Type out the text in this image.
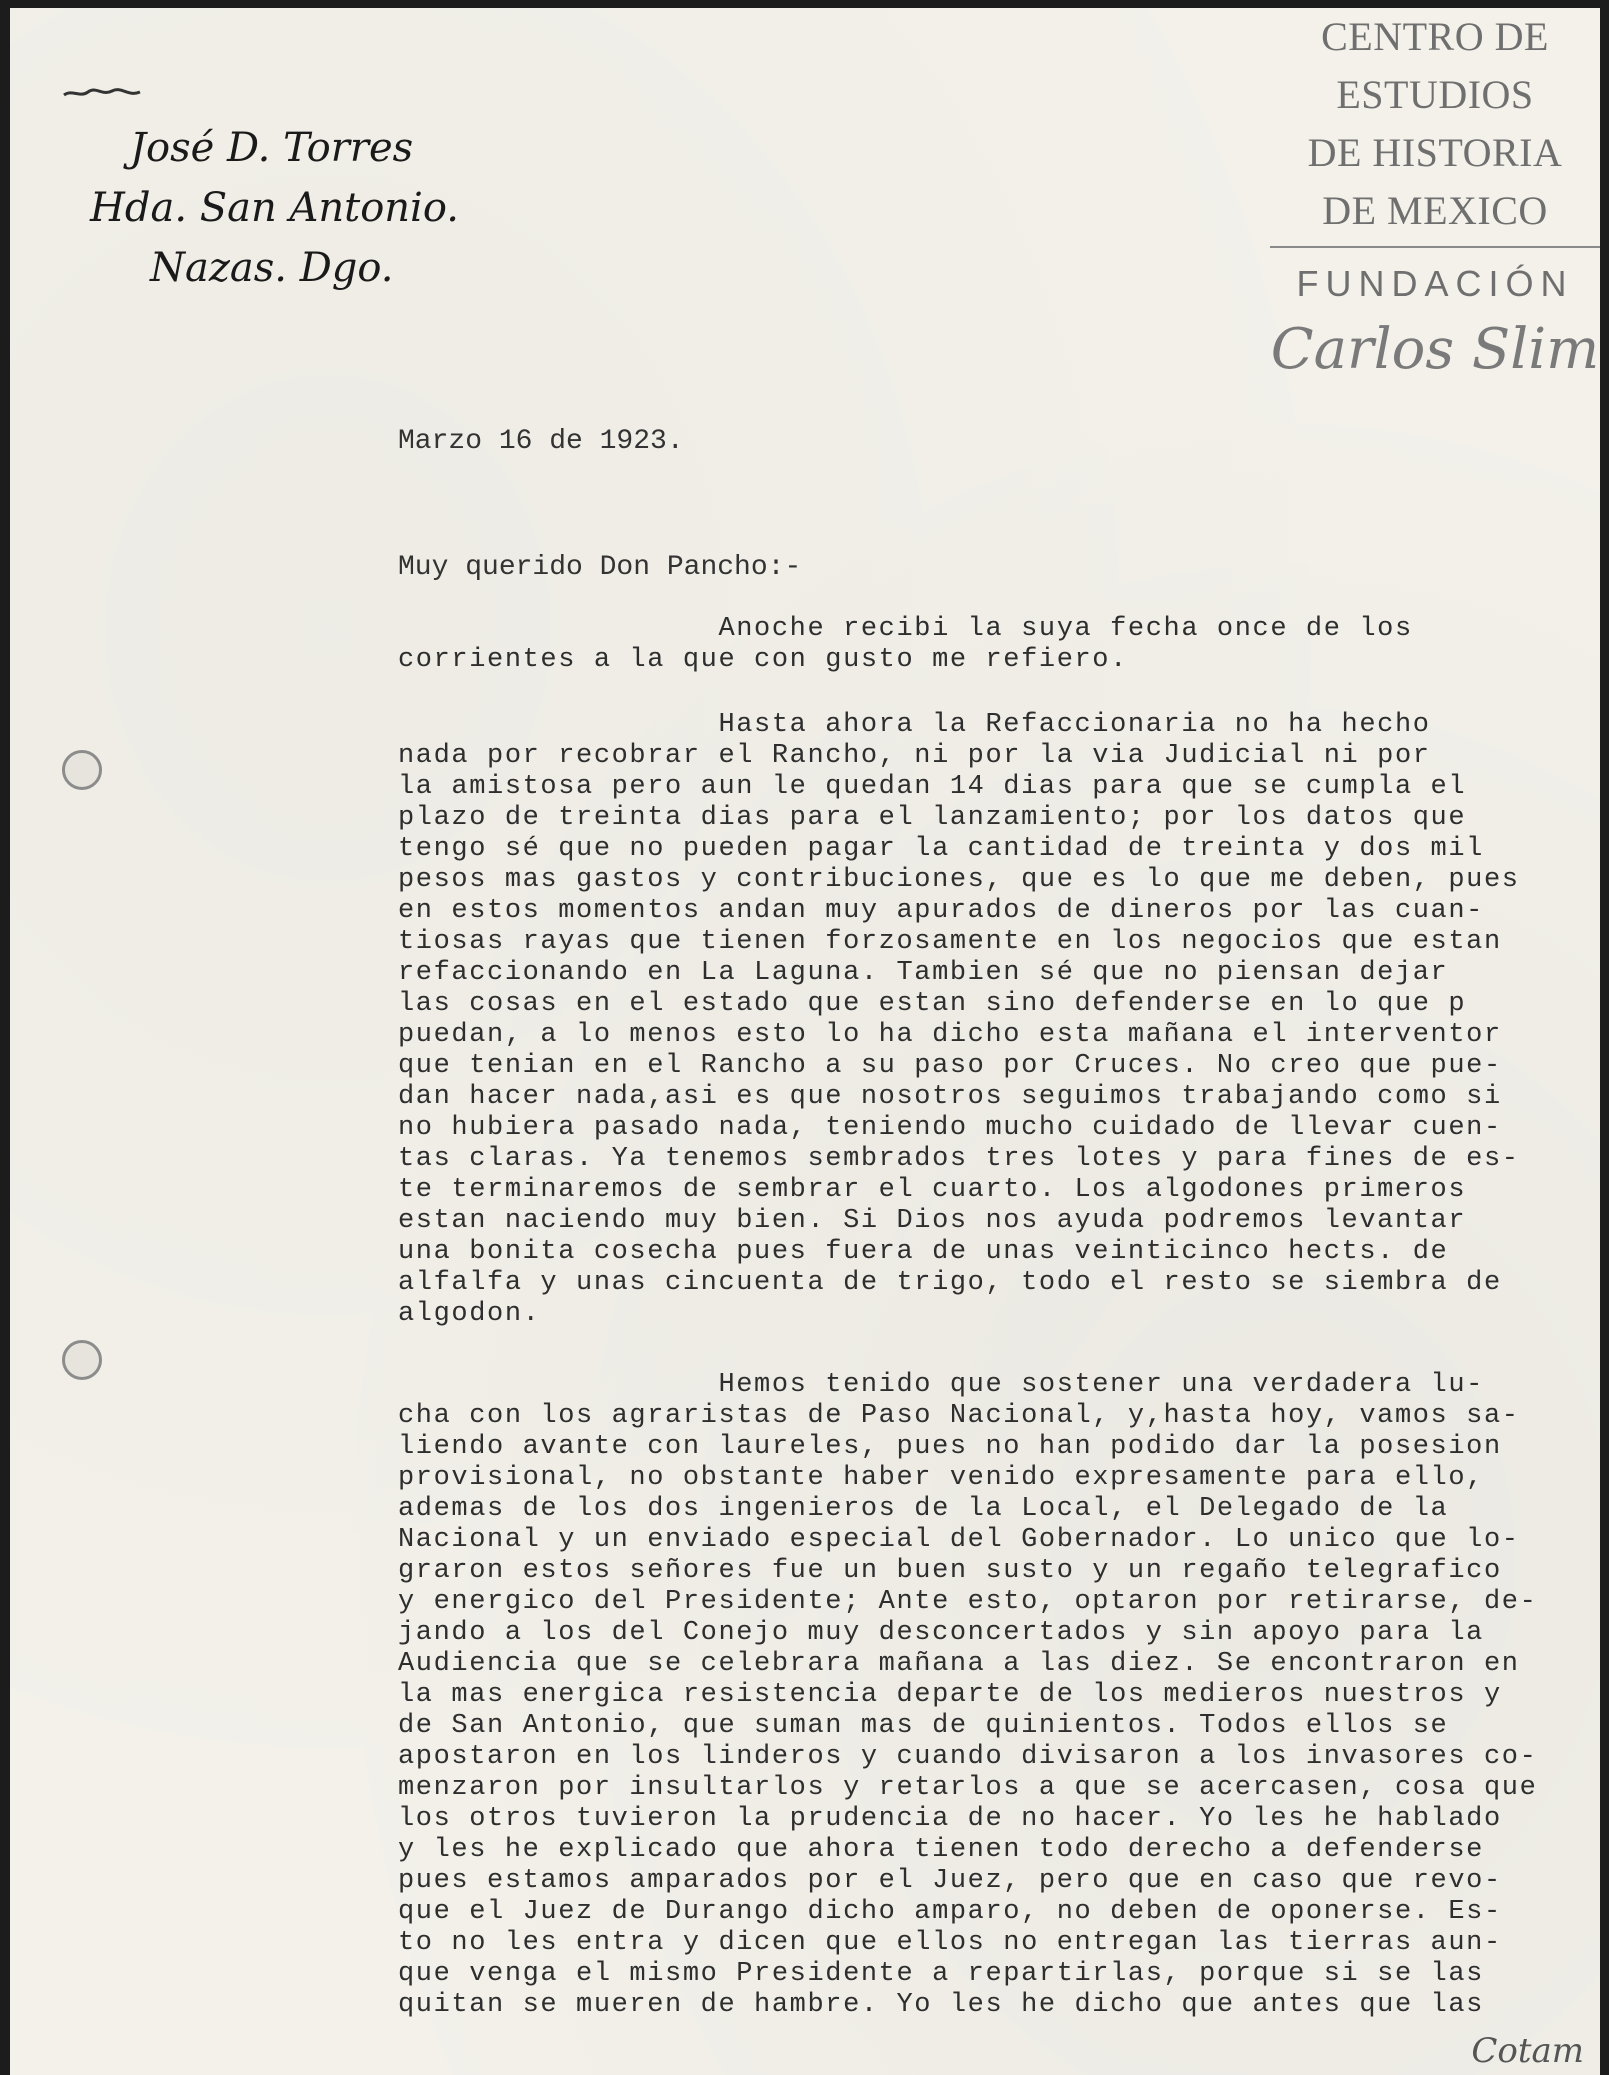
José D. Torres
Hda. San Antonio.
Nazas. Dgo.
CENTRO DE
ESTUDIOS
DE HISTORIA
DE MEXICO
FUNDACIÓN
Carlos Slim
Marzo 16 de 1923.
Muy querido Don Pancho:-
Anoche recibi la suya fecha once de los
corrientes a la que con gusto me refiero.
Hasta ahora la Refaccionaria no ha hecho
nada por recobrar el Rancho, ni por la via Judicial ni por
la amistosa pero aun le quedan 14 dias para que se cumpla el
plazo de treinta dias para el lanzamiento; por los datos que
tengo sé que no pueden pagar la cantidad de treinta y dos mil
pesos mas gastos y contribuciones, que es lo que me deben, pues
en estos momentos andan muy apurados de dineros por las cuan-
tiosas rayas que tienen forzosamente en los negocios que estan
refaccionando en La Laguna. Tambien sé que no piensan dejar
las cosas en el estado que estan sino defenderse en lo que p
puedan, a lo menos esto lo ha dicho esta mañana el interventor
que tenian en el Rancho a su paso por Cruces. No creo que pue-
dan hacer nada,asi es que nosotros seguimos trabajando como si
no hubiera pasado nada, teniendo mucho cuidado de llevar cuen-
tas claras. Ya tenemos sembrados tres lotes y para fines de es-
te terminaremos de sembrar el cuarto. Los algodones primeros
estan naciendo muy bien. Si Dios nos ayuda podremos levantar
una bonita cosecha pues fuera de unas veinticinco hects. de
alfalfa y unas cincuenta de trigo, todo el resto se siembra de
algodon.
Hemos tenido que sostener una verdadera lu-
cha con los agraristas de Paso Nacional, y,hasta hoy, vamos sa-
liendo avante con laureles, pues no han podido dar la posesion
provisional, no obstante haber venido expresamente para ello,
ademas de los dos ingenieros de la Local, el Delegado de la
Nacional y un enviado especial del Gobernador. Lo unico que lo-
graron estos señores fue un buen susto y un regaño telegrafico
y energico del Presidente; Ante esto, optaron por retirarse, de-
jando a los del Conejo muy desconcertados y sin apoyo para la
Audiencia que se celebrara mañana a las diez. Se encontraron en
la mas energica resistencia departe de los medieros nuestros y
de San Antonio, que suman mas de quinientos. Todos ellos se
apostaron en los linderos y cuando divisaron a los invasores co-
menzaron por insultarlos y retarlos a que se acercasen, cosa que
los otros tuvieron la prudencia de no hacer. Yo les he hablado
y les he explicado que ahora tienen todo derecho a defenderse
pues estamos amparados por el Juez, pero que en caso que revo-
que el Juez de Durango dicho amparo, no deben de oponerse. Es-
to no les entra y dicen que ellos no entregan las tierras aun-
que venga el mismo Presidente a repartirlas, porque si se las
quitan se mueren de hambre. Yo les he dicho que antes que las
Cotam
